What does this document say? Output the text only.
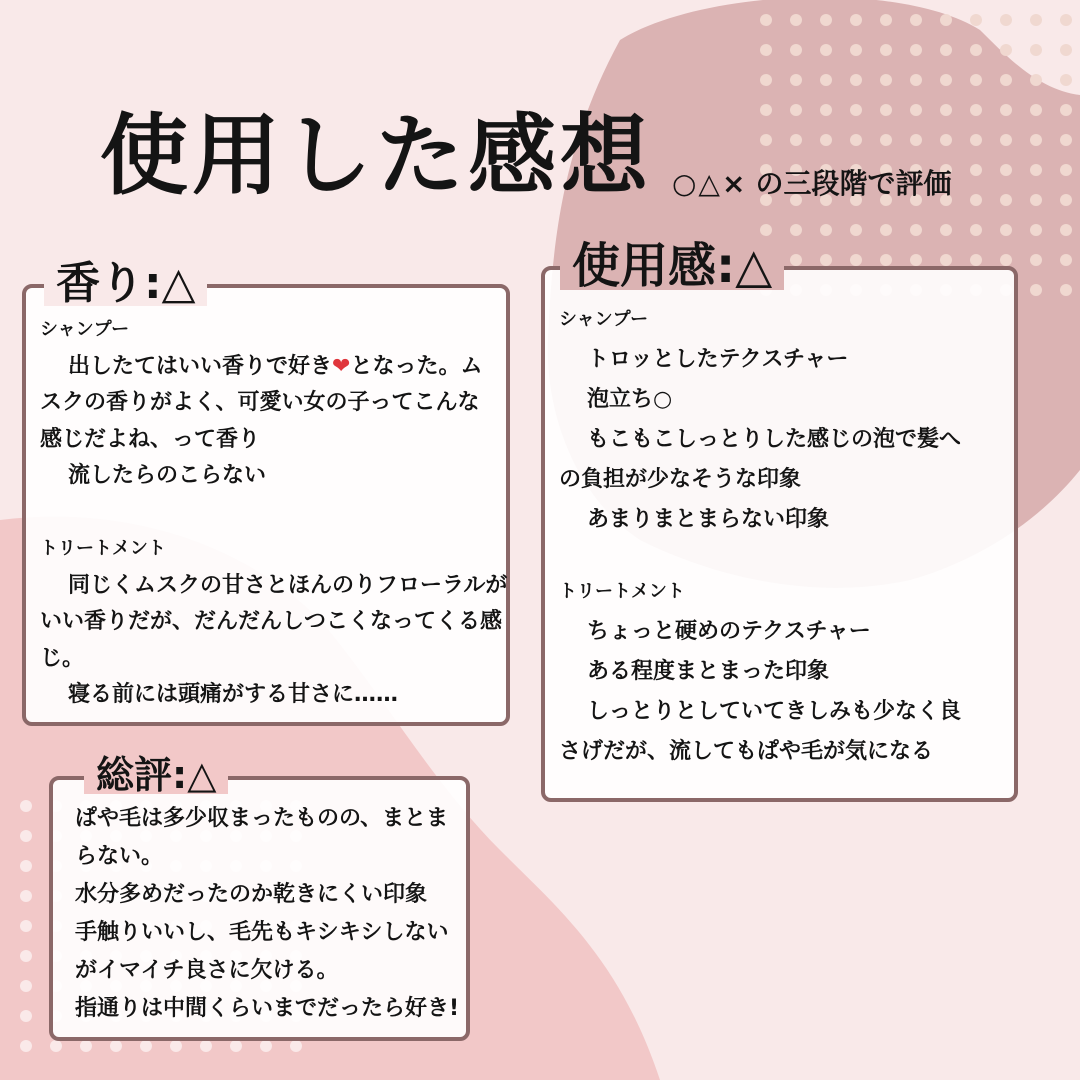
使用した感想 ○△× の三段階で評価
シャンプー
出したてはいい香りで好き❤となった。ム
スクの香りがよく、可愛い女の子ってこんな
感じだよね、って香り
流したらのこらない
トリートメント
同じくムスクの甘さとほんのりフローラルが
いい香りだが、だんだんしつこくなってくる感
じ。
寝る前には頭痛がする甘さに……
香り:△
シャンプー
トロッとしたテクスチャー
泡立ち○
もこもこしっとりした感じの泡で髪へ
の負担が少なそうな印象
あまりまとまらない印象
トリートメント
ちょっと硬めのテクスチャー
ある程度まとまった印象
しっとりとしていてきしみも少なく良
さげだが、流してもぱや毛が気になる
使用感:△
ぱや毛は多少収まったものの、まとま
らない。
水分多めだったのか乾きにくい印象
手触りいいし、毛先もキシキシしない
がイマイチ良さに欠ける。
指通りは中間くらいまでだったら好き!
総評:△
